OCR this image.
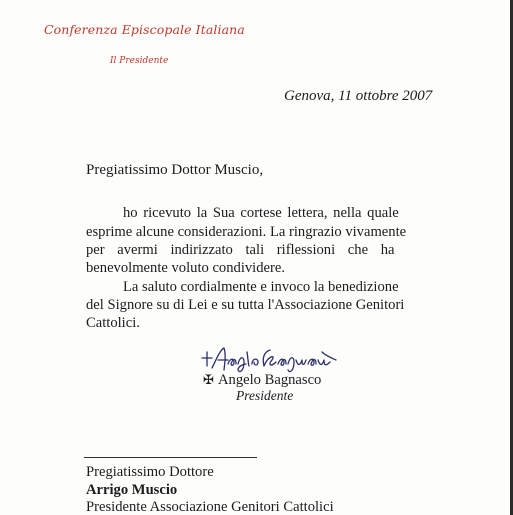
Conferenza Episcopale Italiana
Il Presidente
Genova, 11 ottobre 2007
Pregiatissimo Dottor Muscio,
ho ricevuto la Sua cortese lettera, nella quale
esprime alcune considerazioni. La ringrazio vivamente
per avermi indirizzato tali riflessioni che ha
benevolmente voluto condividere.
La saluto cordialmente e invoco la benedizione
del Signore su di Lei e su tutta l'Associazione Genitori
Cattolici.
✠ Angelo Bagnasco
Presidente
Pregiatissimo Dottore
Arrigo Muscio
Presidente Associazione Genitori Cattolici
